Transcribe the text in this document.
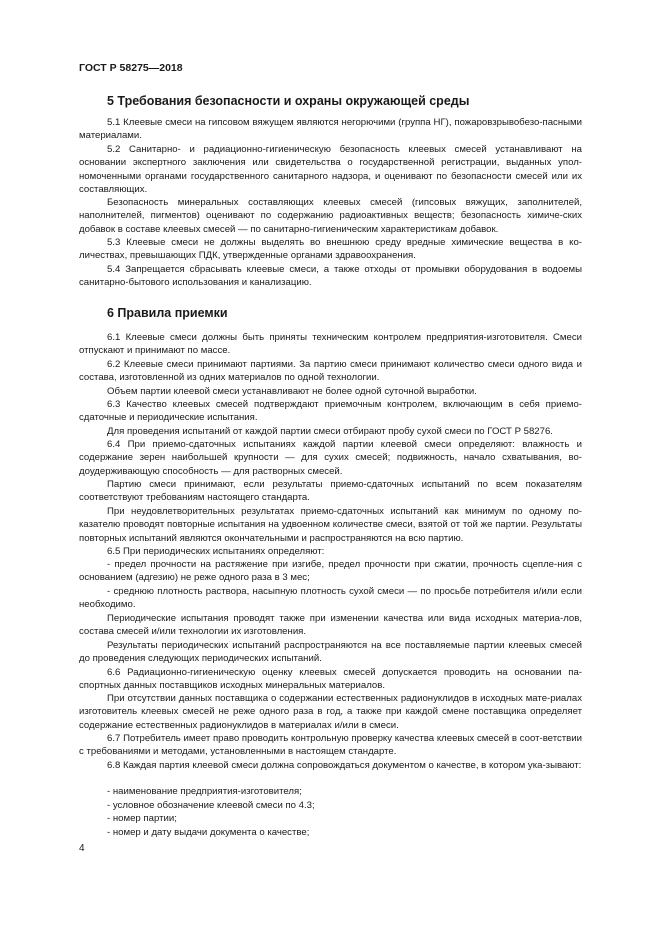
ГОСТ Р 58275—2018
5 Требования безопасности и охраны окружающей среды

5.1 Клеевые смеси на гипсовом вяжущем являются негорючими (группа НГ), пожаровзрывобезо-пасными материалами.

5.2 Санитарно- и радиационно-гигиеническую безопасность клеевых смесей устанавливают на основании экспертного заключения или свидетельства о государственной регистрации, выданных упол-номоченными органами государственного санитарного надзора, и оценивают по безопасности смесей или их составляющих.

Безопасность минеральных составляющих клеевых смесей (гипсовых вяжущих, заполнителей, наполнителей, пигментов) оценивают по содержанию радиоактивных веществ; безопасность химиче-ских добавок в составе клеевых смесей — по санитарно-гигиеническим характеристикам добавок.

5.3 Клеевые смеси не должны выделять во внешнюю среду вредные химические вещества в ко-личествах, превышающих ПДК, утвержденные органами здравоохранения.

5.4 Запрещается сбрасывать клеевые смеси, а также отходы от промывки оборудования в водоемы санитарно-бытового использования и канализацию.

6 Правила приемки

6.1 Клеевые смеси должны быть приняты техническим контролем предприятия-изготовителя. Смеси отпускают и принимают по массе.

6.2 Клеевые смеси принимают партиями. За партию смеси принимают количество смеси одного вида и состава, изготовленной из одних материалов по одной технологии.

Объем партии клеевой смеси устанавливают не более одной суточной выработки.

6.3 Качество клеевых смесей подтверждают приемочным контролем, включающим в себя приемо-сдаточные и периодические испытания.

Для проведения испытаний от каждой партии смеси отбирают пробу сухой смеси по ГОСТ Р 58276.

6.4 При приемо-сдаточных испытаниях каждой партии клеевой смеси определяют: влажность и содержание зерен наибольшей крупности — для сухих смесей; подвижность, начало схватывания, во-доудерживающую способность — для растворных смесей.

Партию смеси принимают, если результаты приемо-сдаточных испытаний по всем показателям соответствуют требованиям настоящего стандарта.

При неудовлетворительных результатах приемо-сдаточных испытаний как минимум по одному по-казателю проводят повторные испытания на удвоенном количестве смеси, взятой от той же партии. Результаты повторных испытаний являются окончательными и распространяются на всю партию.

6.5 При периодических испытаниях определяют:

- предел прочности на растяжение при изгибе, предел прочности при сжатии, прочность сцепле-ния с основанием (адгезию) не реже одного раза в 3 мес;

- среднюю плотность раствора, насыпную плотность сухой смеси — по просьбе потребителя и/или если необходимо.

Периодические испытания проводят также при изменении качества или вида исходных материа-лов, состава смесей и/или технологии их изготовления.

Результаты периодических испытаний распространяются на все поставляемые партии клеевых смесей до проведения следующих периодических испытаний.

6.6 Радиационно-гигиеническую оценку клеевых смесей допускается проводить на основании па-спортных данных поставщиков исходных минеральных материалов.

При отсутствии данных поставщика о содержании естественных радионуклидов в исходных мате-риалах изготовитель клеевых смесей не реже одного раза в год, а также при каждой смене поставщика определяет содержание естественных радионуклидов в материалах и/или в смеси.

6.7 Потребитель имеет право проводить контрольную проверку качества клеевых смесей в соот-ветствии с требованиями и методами, установленными в настоящем стандарте.

6.8 Каждая партия клеевой смеси должна сопровождаться документом о качестве, в котором ука-зывают:

- наименование предприятия-изготовителя;
- условное обозначение клеевой смеси по 4.3;
- номер партии;
- номер и дату выдачи документа о качестве;
4
